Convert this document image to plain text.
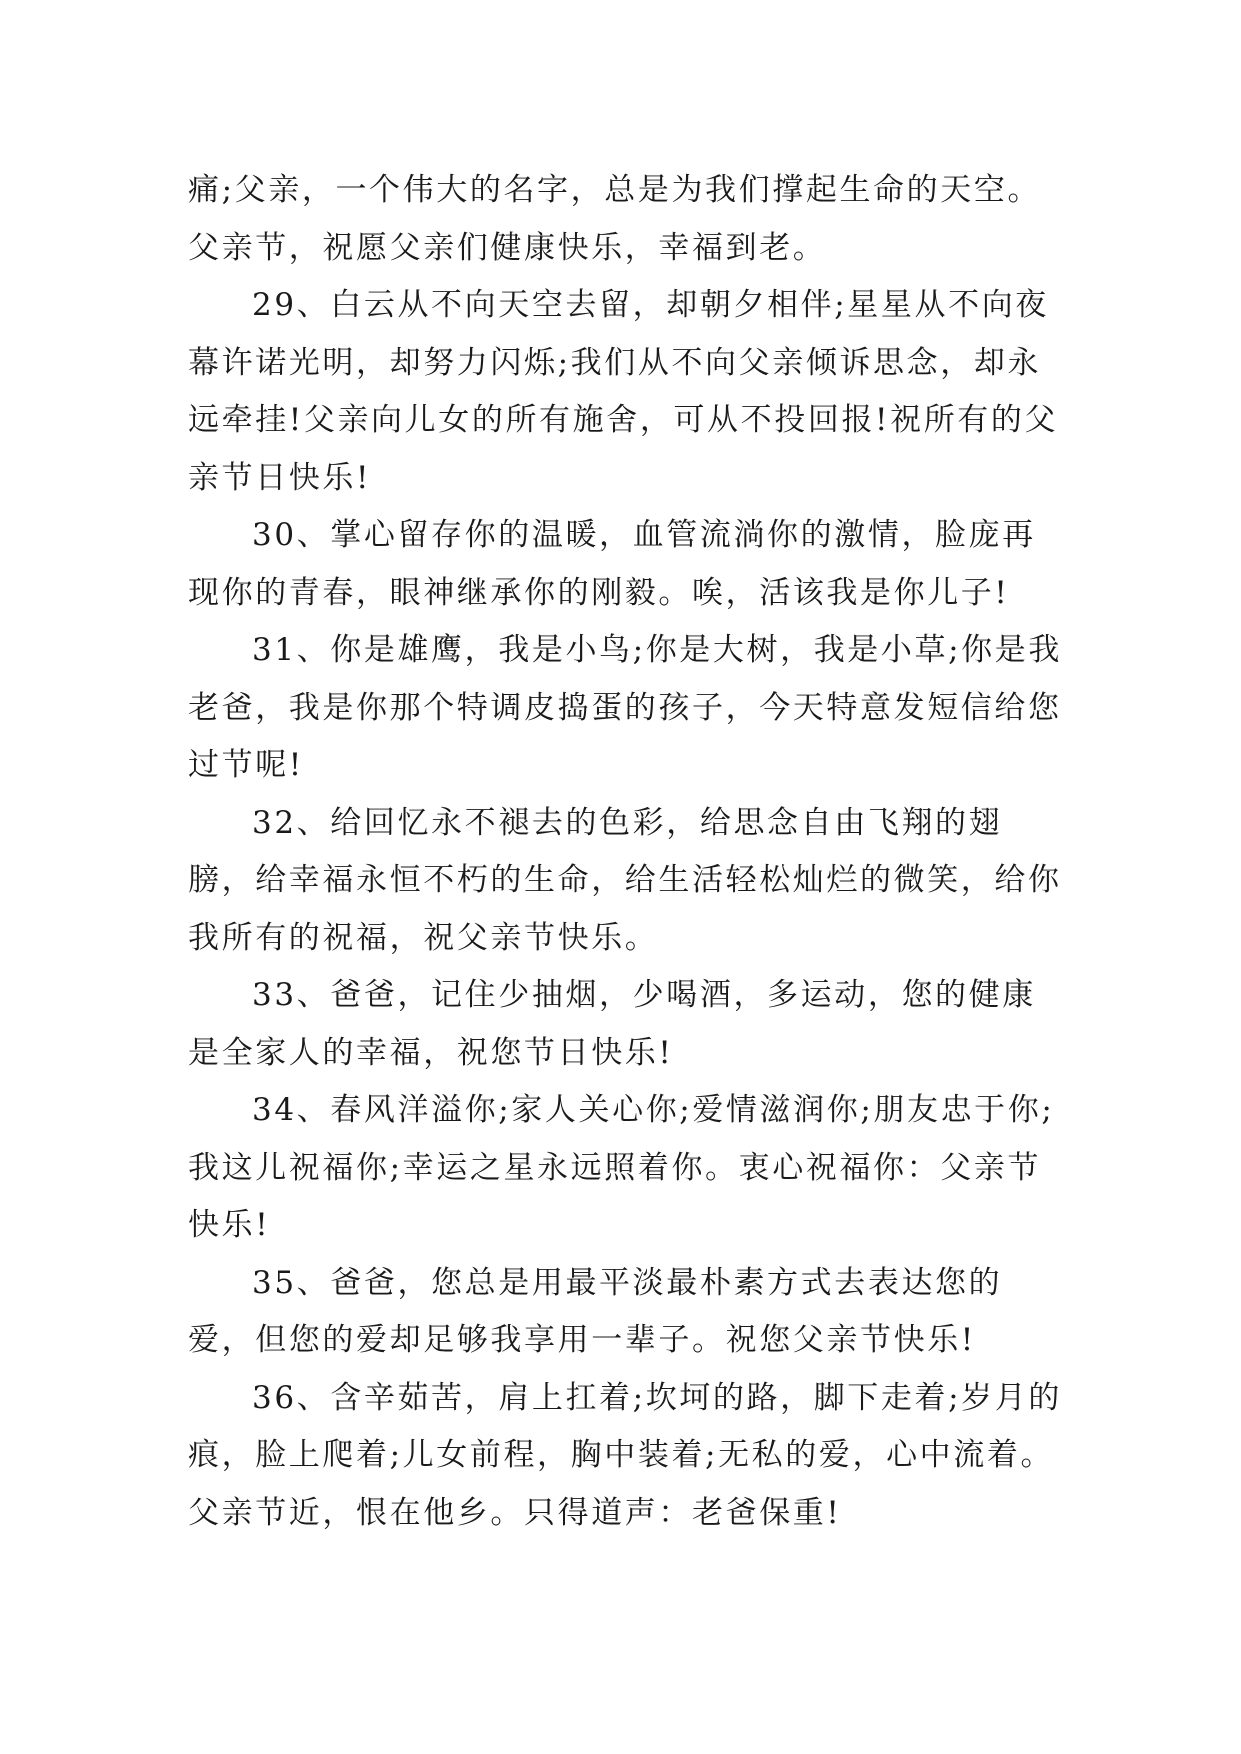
痛;父亲，一个伟大的名字，总是为我们撑起生命的天空。父亲节，祝愿父亲们健康快乐，幸福到老。

29、白云从不向天空去留，却朝夕相伴;星星从不向夜幕许诺光明，却努力闪烁;我们从不向父亲倾诉思念，却永远牵挂!父亲向儿女的所有施舍，可从不投回报!祝所有的父亲节日快乐!

30、掌心留存你的温暖，血管流淌你的激情，脸庞再现你的青春，眼神继承你的刚毅。唉，活该我是你儿子!

31、你是雄鹰，我是小鸟;你是大树，我是小草;你是我老爸，我是你那个特调皮捣蛋的孩子，今天特意发短信给您过节呢!

32、给回忆永不褪去的色彩，给思念自由飞翔的翅膀，给幸福永恒不朽的生命，给生活轻松灿烂的微笑，给你我所有的祝福，祝父亲节快乐。

33、爸爸，记住少抽烟，少喝酒，多运动，您的健康是全家人的幸福，祝您节日快乐!

34、春风洋溢你;家人关心你;爱情滋润你;朋友忠于你;我这儿祝福你;幸运之星永远照着你。衷心祝福你：父亲节快乐!

35、爸爸，您总是用最平淡最朴素方式去表达您的爱，但您的爱却足够我享用一辈子。祝您父亲节快乐!

36、含辛茹苦，肩上扛着;坎坷的路，脚下走着;岁月的痕，脸上爬着;儿女前程，胸中装着;无私的爱，心中流着。父亲节近，恨在他乡。只得道声：老爸保重!
